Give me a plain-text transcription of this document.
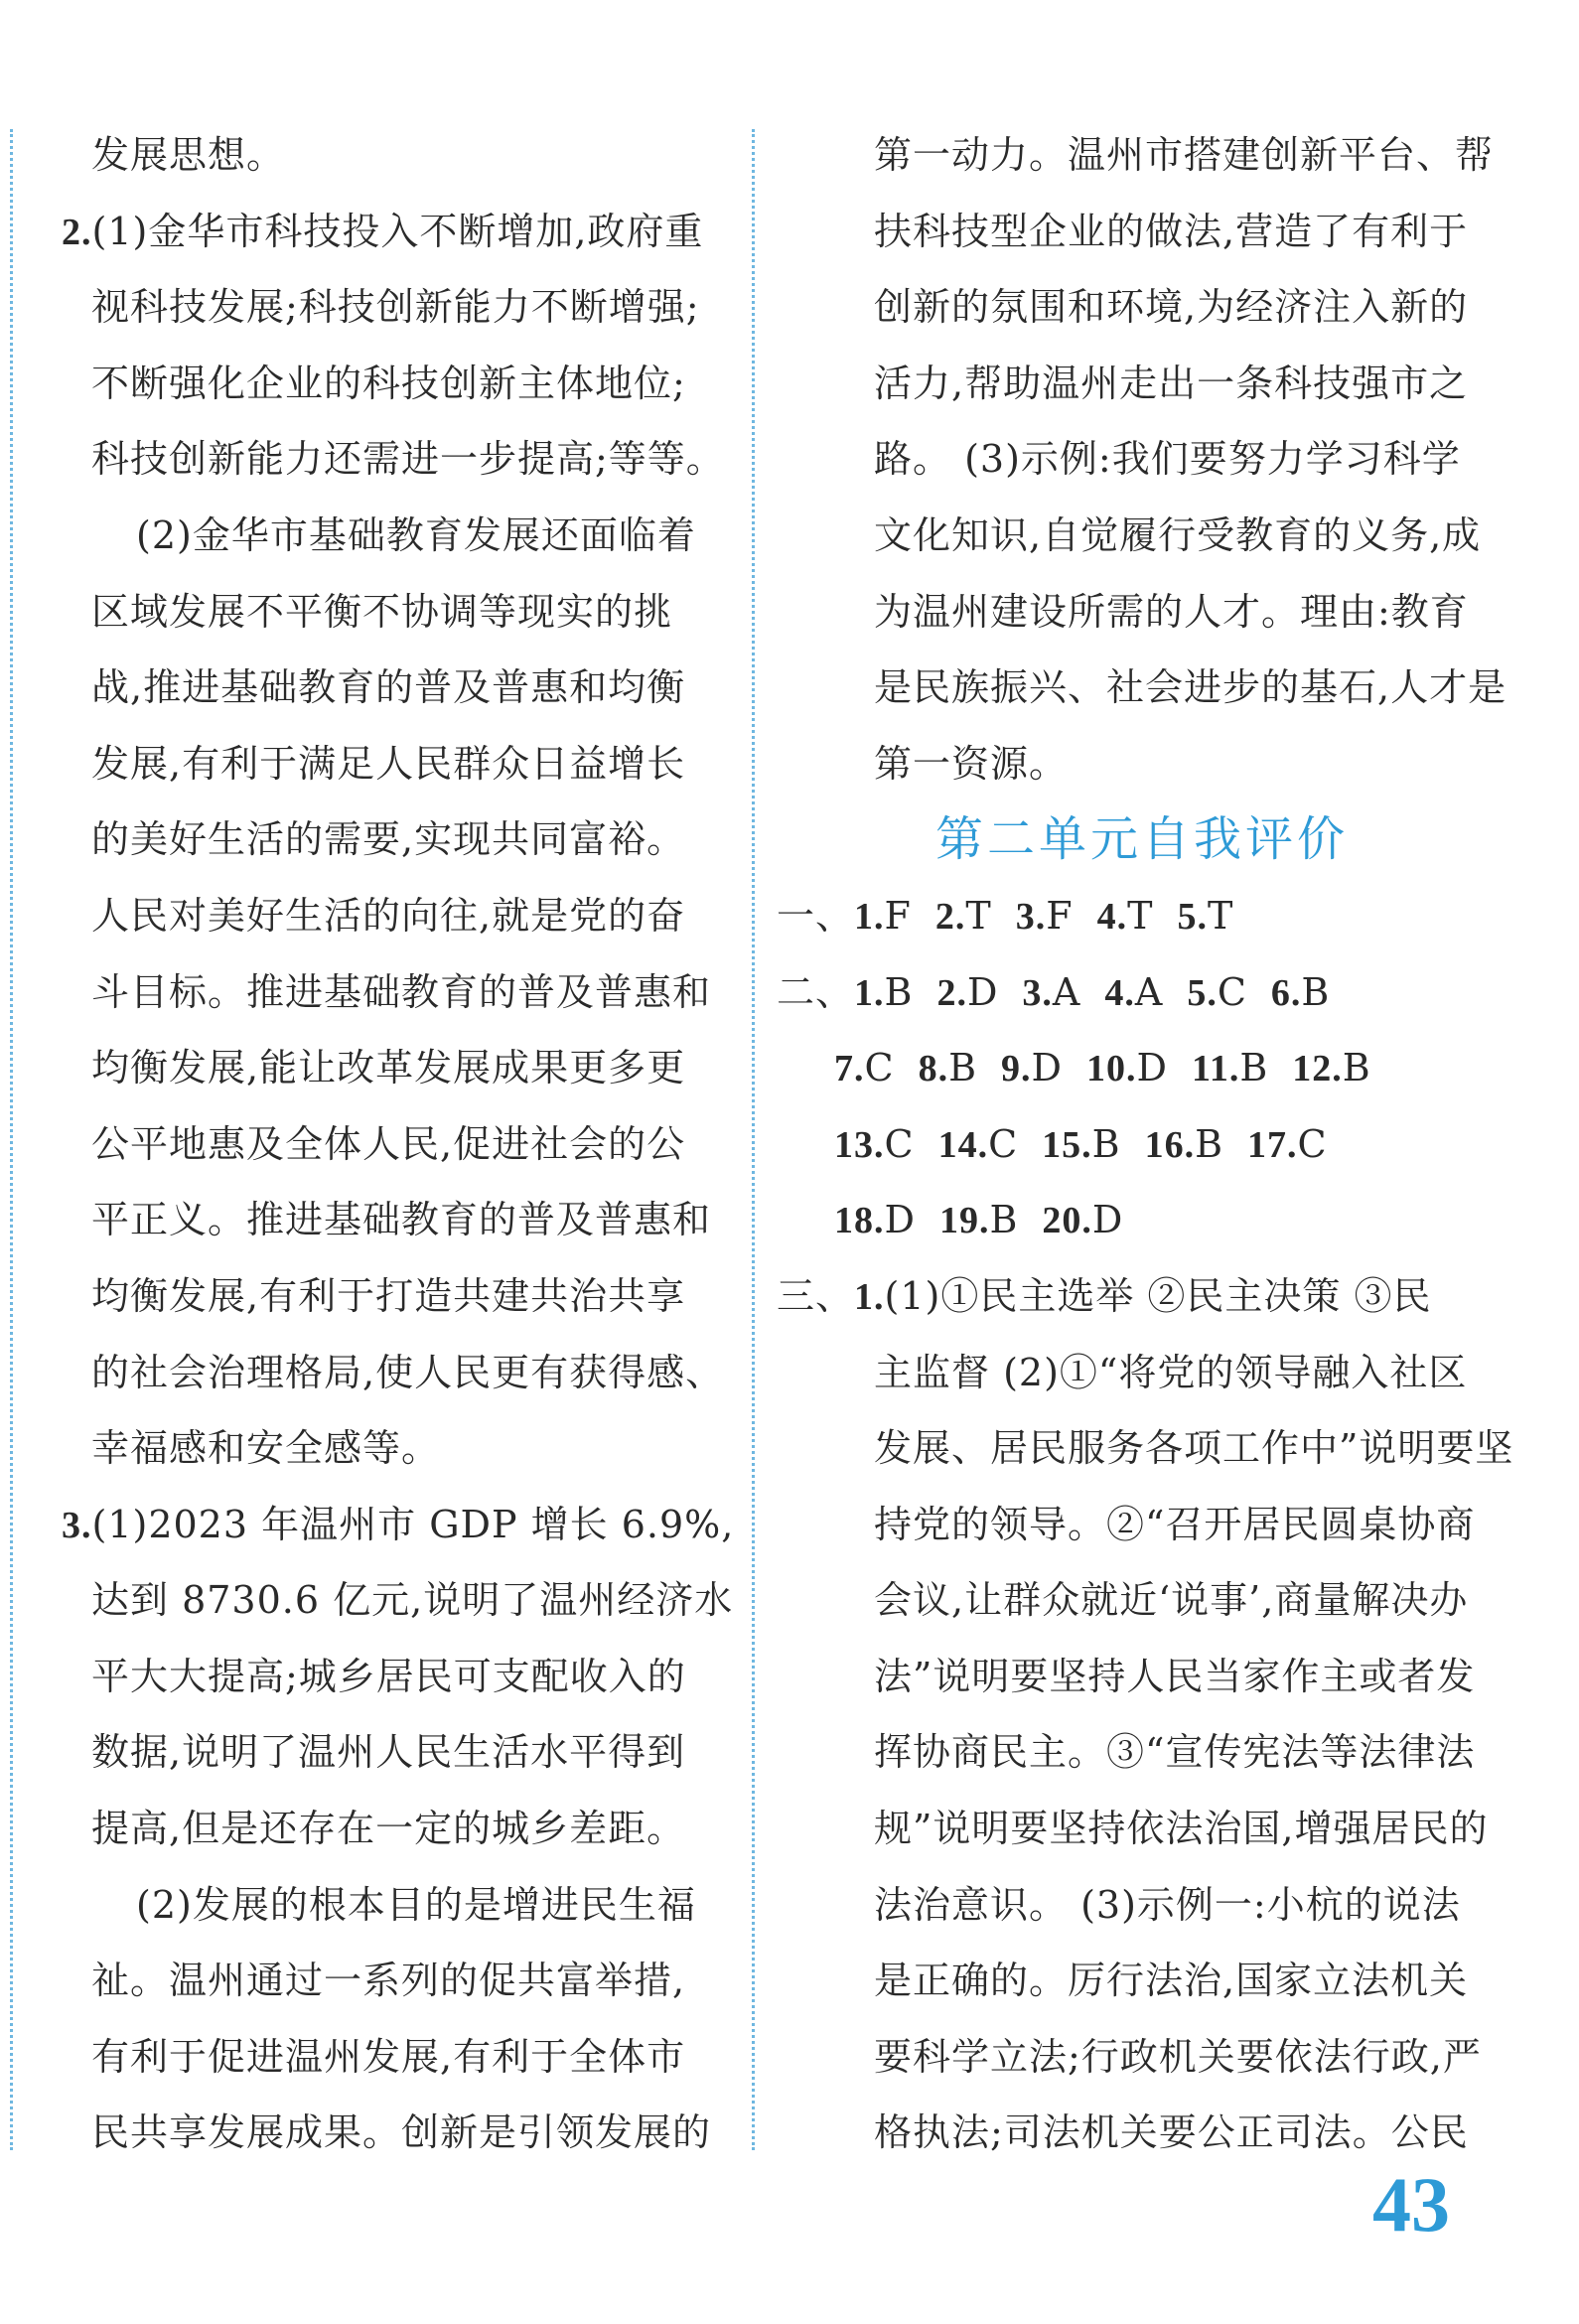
发展思想。
2.(1)金华市科技投入不断增加,政府重
视科技发展;科技创新能力不断增强;
不断强化企业的科技创新主体地位;
科技创新能力还需进一步提高;等等。
(2)金华市基础教育发展还面临着
区域发展不平衡不协调等现实的挑
战,推进基础教育的普及普惠和均衡
发展,有利于满足人民群众日益增长
的美好生活的需要,实现共同富裕。
人民对美好生活的向往,就是党的奋
斗目标。推进基础教育的普及普惠和
均衡发展,能让改革发展成果更多更
公平地惠及全体人民,促进社会的公
平正义。推进基础教育的普及普惠和
均衡发展,有利于打造共建共治共享
的社会治理格局,使人民更有获得感、
幸福感和安全感等。
3.(1)2023 年温州市 GDP 增长 6.9%,
达到 8730.6 亿元,说明了温州经济水
平大大提高;城乡居民可支配收入的
数据,说明了温州人民生活水平得到
提高,但是还存在一定的城乡差距。
(2)发展的根本目的是增进民生福
祉。温州通过一系列的促共富举措,
有利于促进温州发展,有利于全体市
民共享发展成果。创新是引领发展的
第一动力。温州市搭建创新平台、帮
扶科技型企业的做法,营造了有利于
创新的氛围和环境,为经济注入新的
活力,帮助温州走出一条科技强市之
路。 (3)示例:我们要努力学习科学
文化知识,自觉履行受教育的义务,成
为温州建设所需的人才。理由:教育
是民族振兴、社会进步的基石,人才是
第一资源。
第二单元自我评价
一、1.F 2.T 3.F 4.T 5.T
二、1.B 2.D 3.A 4.A 5.C 6.B
7.C 8.B 9.D 10.D 11.B 12.B
13.C 14.C 15.B 16.B 17.C
18.D 19.B 20.D
三、1.(1)①民主选举 ②民主决策 ③民
主监督 (2)①“将党的领导融入社区
发展、居民服务各项工作中”说明要坚
持党的领导。②“召开居民圆桌协商
会议,让群众就近‘说事’,商量解决办
法”说明要坚持人民当家作主或者发
挥协商民主。③“宣传宪法等法律法
规”说明要坚持依法治国,增强居民的
法治意识。 (3)示例一:小杭的说法
是正确的。厉行法治,国家立法机关
要科学立法;行政机关要依法行政,严
格执法;司法机关要公正司法。公民
43
